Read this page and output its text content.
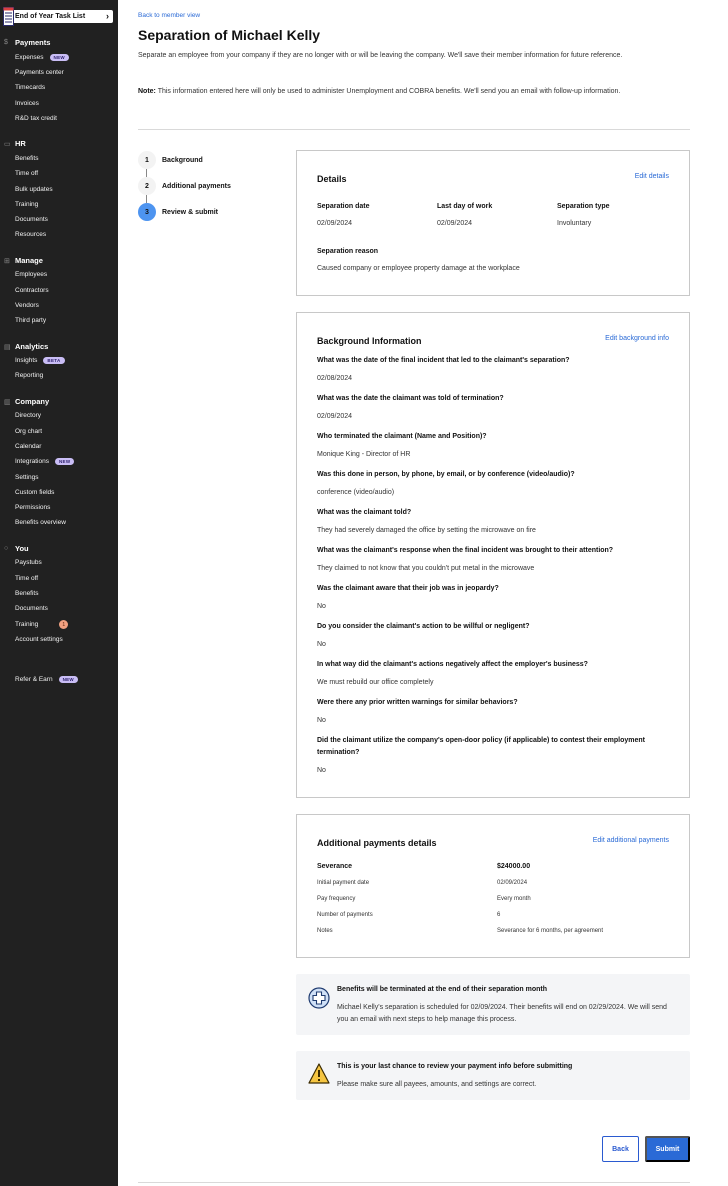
End of Year Task List ›
$ Payments
Expenses	NEW
Payments center
Timecards
Invoices
R&D tax credit
▭ HR
Benefits
Time off
Bulk updates
Training
Documents
Resources
⊞ Manage
Employees
Contractors
Vendors
Third party
▤ Analytics
Insights	BETA
Reporting
▥ Company
Directory
Org chart
Calendar
Integrations	NEW
Settings
Custom fields
Permissions
Benefits overview
○ You
Paystubs
Time off
Benefits
Documents
Training	1
Account settings
Refer & Earn	NEW
Back to member view
Separation of Michael Kelly

Separate an employee from your company if they are no longer with or will be leaving the company. We'll save their member information for future reference.

Note: This information entered here will only be used to administer Unemployment and COBRA benefits. We'll send you an email with follow-up information.

1	Background
2	Additional payments
3	Review & submit
Details	Edit details
Separation date
02/09/2024
Last day of work
02/09/2024
Separation type
Involuntary
Separation reason
Caused company or employee property damage at the workplace
Background Information	Edit background info
What was the date of the final incident that led to the claimant's separation?
02/08/2024
What was the date the claimant was told of termination?
02/09/2024
Who terminated the claimant (Name and Position)?
Monique King - Director of HR
Was this done in person, by phone, by email, or by conference (video/audio)?
conference (video/audio)
What was the claimant told?
They had severely damaged the office by setting the microwave on fire
What was the claimant's response when the final incident was brought to their attention?
They claimed to not know that you couldn't put metal in the microwave
Was the claimant aware that their job was in jeopardy?
No
Do you consider the claimant's action to be willful or negligent?
No
In what way did the claimant's actions negatively affect the employer's business?
We must rebuild our office completely
Were there any prior written warnings for similar behaviors?
No
Did the claimant utilize the company's open-door policy (if applicable) to contest their employment termination?
No
Additional payments details	Edit additional payments
Severance	$24000.00
Initial payment date	02/09/2024
Pay frequency	Every month
Number of payments	6
Notes	Severance for 6 months, per agreement
Benefits will be terminated at the end of their separation month
Michael Kelly's separation is scheduled for 02/09/2024. Their benefits will end on 02/29/2024. We will send you an email with next steps to help manage this process.
This is your last chance to review your payment info before submitting
Please make sure all payees, amounts, and settings are correct.
Back	Submit
